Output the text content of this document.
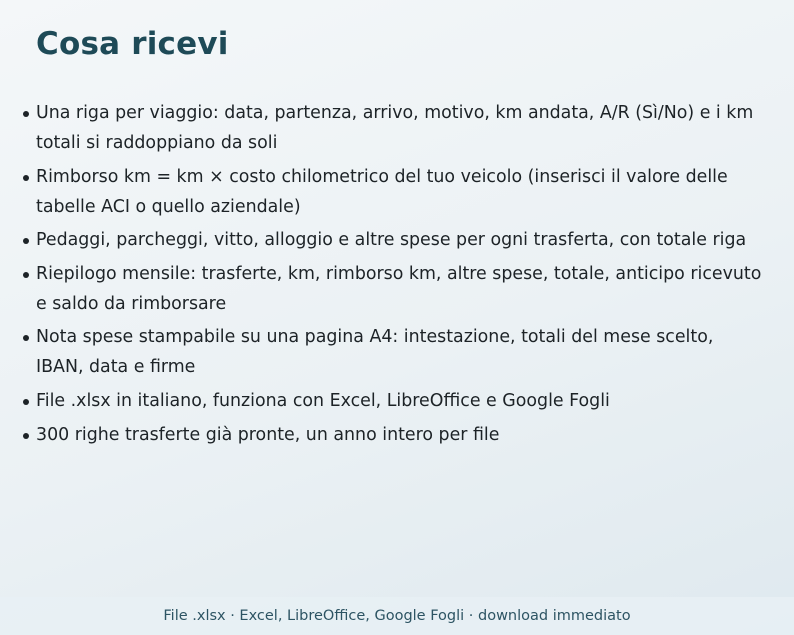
Cosa ricevi
Una riga per viaggio: data, partenza, arrivo, motivo, km andata, A/R (Sì/No) e i km totali si raddoppiano da soli
Rimborso km = km × costo chilometrico del tuo veicolo (inserisci il valore delle tabelle ACI o quello aziendale)
Pedaggi, parcheggi, vitto, alloggio e altre spese per ogni trasferta, con totale riga
Riepilogo mensile: trasferte, km, rimborso km, altre spese, totale, anticipo ricevuto e saldo da rimborsare
Nota spese stampabile su una pagina A4: intestazione, totali del mese scelto, IBAN, data e firme
File .xlsx in italiano, funziona con Excel, LibreOffice e Google Fogli
300 righe trasferte già pronte, un anno intero per file
File .xlsx · Excel, LibreOffice, Google Fogli · download immediato
